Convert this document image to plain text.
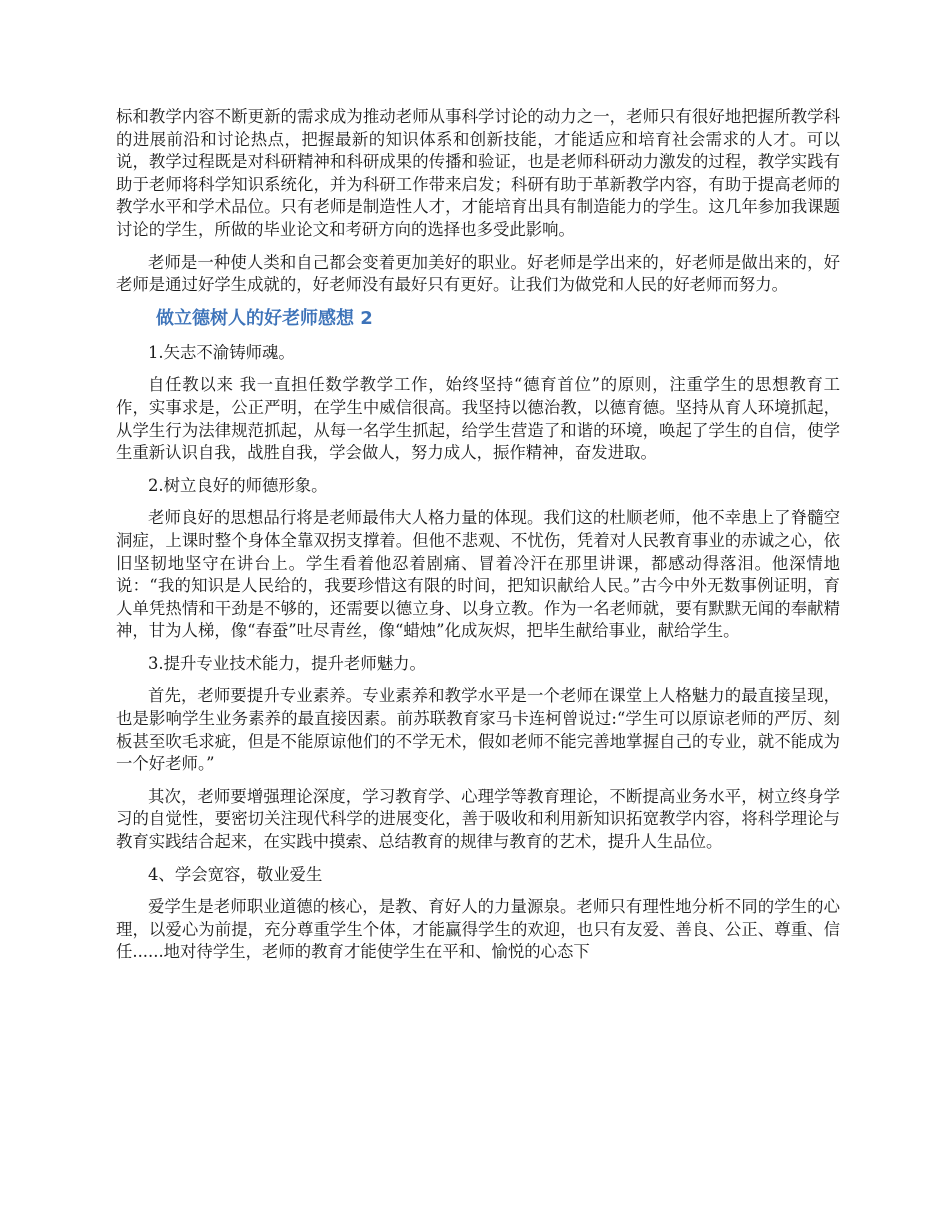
标和教学内容不断更新的需求成为推动老师从事科学讨论的动力之一，老师只有很好地把握所教学科的进展前沿和讨论热点，把握最新的知识体系和创新技能，才能适应和培育社会需求的人才。可以说，教学过程既是对科研精神和科研成果的传播和验证，也是老师科研动力激发的过程，教学实践有助于老师将科学知识系统化，并为科研工作带来启发；科研有助于革新教学内容，有助于提高老师的教学水平和学术品位。只有老师是制造性人才，才能培育出具有制造能力的学生。这几年参加我课题讨论的学生，所做的毕业论文和考研方向的选择也多受此影响。

老师是一种使人类和自己都会变着更加美好的职业。好老师是学出来的，好老师是做出来的，好老师是通过好学生成就的，好老师没有最好只有更好。让我们为做党和人民的好老师而努力。

做立德树人的好老师感想 2

1.矢志不渝铸师魂。

自任教以来 我一直担任数学教学工作，始终坚持“德育首位”的原则，注重学生的思想教育工作，实事求是，公正严明，在学生中威信很高。我坚持以德治教，以德育德。坚持从育人环境抓起，从学生行为法律规范抓起，从每一名学生抓起，给学生营造了和谐的环境，唤起了学生的自信，使学生重新认识自我，战胜自我，学会做人，努力成人，振作精神，奋发进取。

2.树立良好的师德形象。

老师良好的思想品行将是老师最伟大人格力量的体现。我们这的杜顺老师，他不幸患上了脊髓空洞症，上课时整个身体全靠双拐支撑着。但他不悲观、不忧伤，凭着对人民教育事业的赤诚之心，依旧坚韧地坚守在讲台上。学生看着他忍着剧痛、冒着冷汗在那里讲课，都感动得落泪。他深情地说：“我的知识是人民给的，我要珍惜这有限的时间，把知识献给人民。”古今中外无数事例证明，育人单凭热情和干劲是不够的，还需要以德立身、以身立教。作为一名老师就，要有默默无闻的奉献精神，甘为人梯，像“春蚕”吐尽青丝，像“蜡烛”化成灰烬，把毕生献给事业，献给学生。

3.提升专业技术能力，提升老师魅力。

首先，老师要提升专业素养。专业素养和教学水平是一个老师在课堂上人格魅力的最直接呈现，也是影响学生业务素养的最直接因素。前苏联教育家马卡连柯曾说过:“学生可以原谅老师的严厉、刻板甚至吹毛求疵，但是不能原谅他们的不学无术，假如老师不能完善地掌握自己的专业，就不能成为一个好老师。”

其次，老师要增强理论深度，学习教育学、心理学等教育理论，不断提高业务水平，树立终身学习的自觉性，要密切关注现代科学的进展变化，善于吸收和利用新知识拓宽教学内容，将科学理论与教育实践结合起来，在实践中摸索、总结教育的规律与教育的艺术，提升人生品位。

4、学会宽容，敬业爱生

爱学生是老师职业道德的核心，是教、育好人的力量源泉。老师只有理性地分析不同的学生的心理，以爱心为前提，充分尊重学生个体，才能赢得学生的欢迎，也只有友爱、善良、公正、尊重、信任......地对待学生，老师的教育才能使学生在平和、愉悦的心态下
